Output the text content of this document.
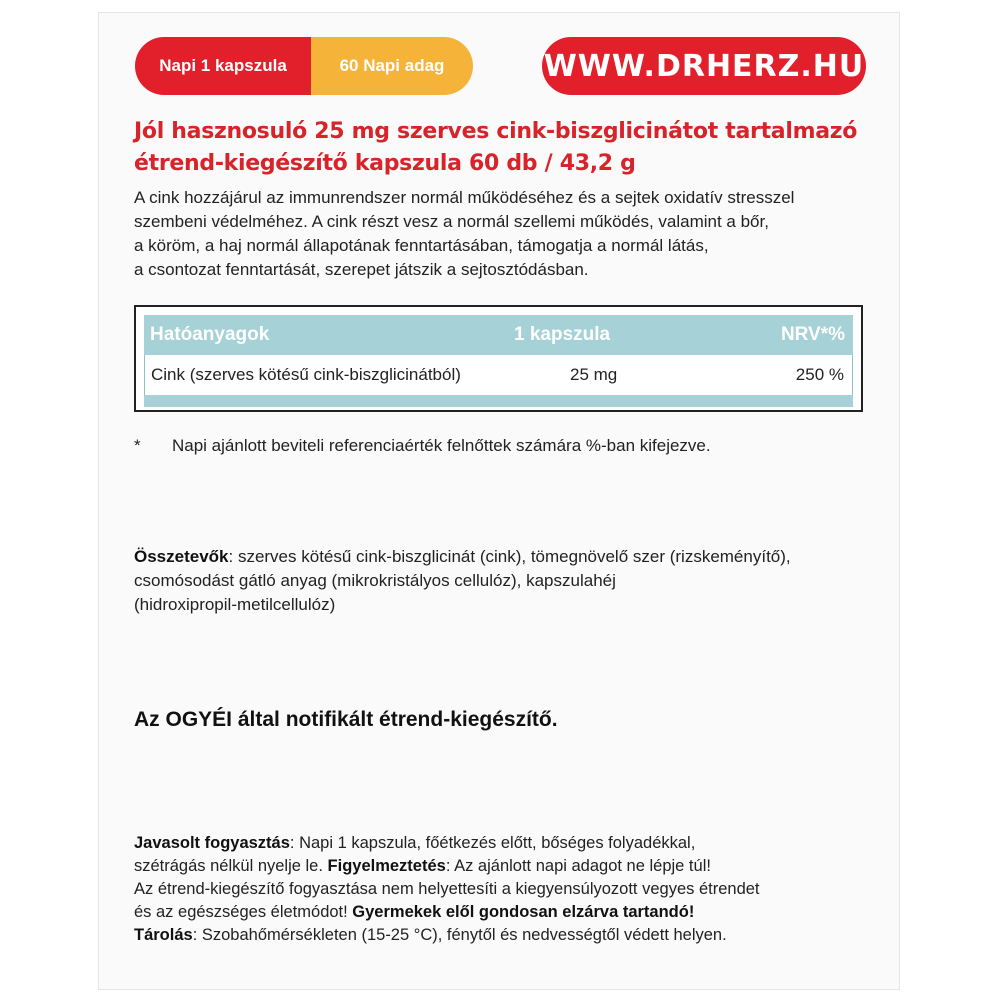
Napi 1 kapszula	60 Napi adag	WWW.DRHERZ.HU
Jól hasznosuló 25 mg szerves cink-biszglicinátot tartalmazó
étrend-kiegészítő kapszula 60 db / 43,2 g
A cink hozzájárul az immunrendszer normál működéséhez és a sejtek oxidatív stresszel
szembeni védelméhez. A cink részt vesz a normál szellemi működés, valamint a bőr,
a köröm, a haj normál állapotának fenntartásában, támogatja a normál látás,
a csontozat fenntartását, szerepet játszik a sejtosztódásban.
Hatóanyagok	1 kapszula	NRV*%
Cink (szerves kötésű cink-biszglicinátból)	25 mg	250 %
* Napi ajánlott beviteli referenciaérték felnőttek számára %-ban kifejezve.
Összetevők: szerves kötésű cink-biszglicinát (cink), tömegnövelő szer (rizskeményítő),
csomósodást gátló anyag (mikrokristályos cellulóz), kapszulahéj
(hidroxipropil-metilcellulóz)
Az OGYÉI által notifikált étrend-kiegészítő.
Javasolt fogyasztás: Napi 1 kapszula, főétkezés előtt, bőséges folyadékkal,
szétrágás nélkül nyelje le. Figyelmeztetés: Az ajánlott napi adagot ne lépje túl!
Az étrend-kiegészítő fogyasztása nem helyettesíti a kiegyensúlyozott vegyes étrendet
és az egészséges életmódot! Gyermekek elől gondosan elzárva tartandó!
Tárolás: Szobahőmérsékleten (15-25 °C), fénytől és nedvességtől védett helyen.
